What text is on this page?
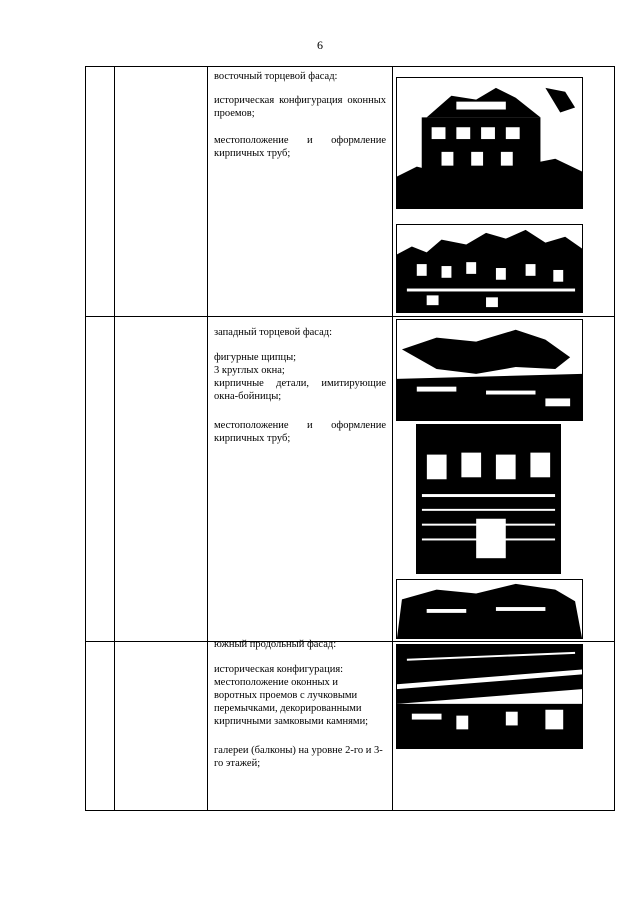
6
восточный торцевой фасад:
историческая конфигурация оконных
проемов;
местоположение и оформление
кирпичных труб;
западный торцевой фасад:
фигурные щипцы;
3 круглых окна;
кирпичные детали, имитирующие
окна-бойницы;
местоположение и оформление
кирпичных труб;
южный продольный фасад:
историческая конфигурация:
местоположение оконных и
воротных проемов с лучковыми
перемычками, декорированными
кирпичными замковыми камнями;
галереи (балконы) на уровне 2-го и 3-
го этажей;
